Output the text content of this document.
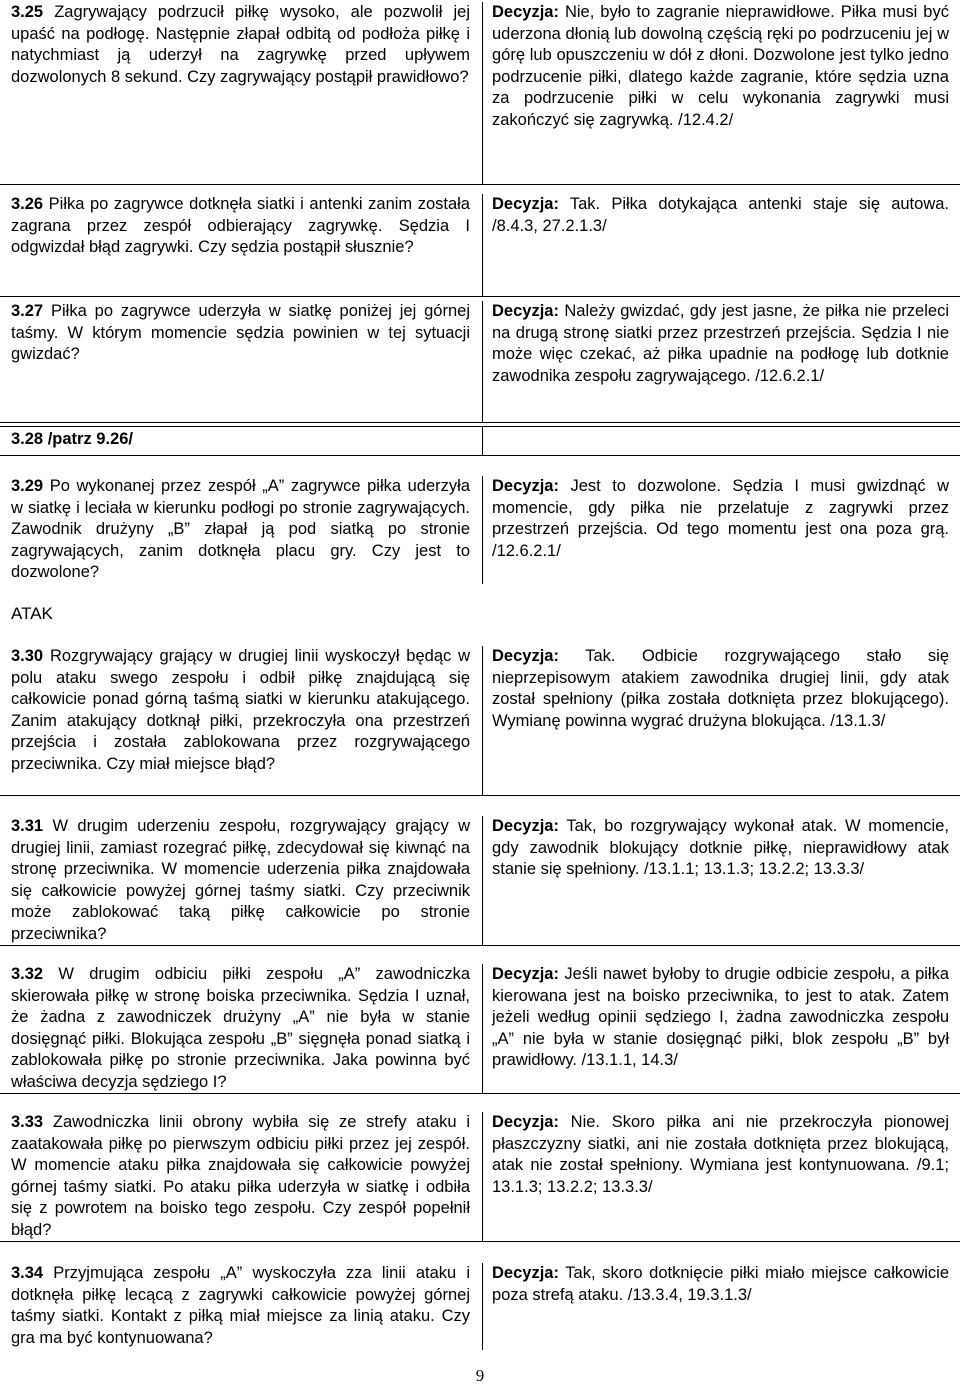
3.25 Zagrywający podrzucił piłkę wysoko, ale pozwolił jej upaść na podłogę. Następnie złapał odbitą od podłoża piłkę i natychmiast ją uderzył na zagrywkę przed upływem dozwolonych 8 sekund. Czy zagrywający postąpił prawidłowo?

Decyzja: Nie, było to zagranie nieprawidłowe. Piłka musi być uderzona dłonią lub dowolną częścią ręki po podrzuceniu jej w górę lub opuszczeniu w dół z dłoni. Dozwolone jest tylko jedno podrzucenie piłki, dlatego każde zagranie, które sędzia uzna za podrzucenie piłki w celu wykonania zagrywki musi zakończyć się zagrywką. /12.4.2/
3.26 Piłka po zagrywce dotknęła siatki i antenki zanim została zagrana przez zespół odbierający zagrywkę. Sędzia I odgwizdał błąd zagrywki. Czy sędzia postąpił słusznie?

Decyzja: Tak. Piłka dotykająca antenki staje się autowa. /8.4.3, 27.2.1.3/
3.27 Piłka po zagrywce uderzyła w siatkę poniżej jej górnej taśmy. W którym momencie sędzia powinien w tej sytuacji gwizdać?

Decyzja: Należy gwizdać, gdy jest jasne, że piłka nie przeleci na drugą stronę siatki przez przestrzeń przejścia. Sędzia I nie może więc czekać, aż piłka upadnie na podłogę lub dotknie zawodnika zespołu zagrywającego. /12.6.2.1/
3.28 /patrz 9.26/

3.29 Po wykonanej przez zespół „A” zagrywce piłka uderzyła w siatkę i leciała w kierunku podłogi po stronie zagrywających. Zawodnik drużyny „B” złapał ją pod siatką po stronie zagrywających, zanim dotknęła placu gry. Czy jest to dozwolone?

Decyzja: Jest to dozwolone. Sędzia I musi gwizdnąć w momencie, gdy piłka nie przelatuje z zagrywki przez przestrzeń przejścia. Od tego momentu jest ona poza grą. /12.6.2.1/
ATAK
3.30 Rozgrywający grający w drugiej linii wyskoczył będąc w polu ataku swego zespołu i odbił piłkę znajdującą się całkowicie ponad górną taśmą siatki w kierunku atakującego. Zanim atakujący dotknął piłki, przekroczyła ona przestrzeń przejścia i została zablokowana przez rozgrywającego przeciwnika. Czy miał miejsce błąd?

Decyzja: Tak. Odbicie rozgrywającego stało się nieprzepisowym atakiem zawodnika drugiej linii, gdy atak został spełniony (piłka została dotknięta przez blokującego). Wymianę powinna wygrać drużyna blokująca. /13.1.3/
3.31 W drugim uderzeniu zespołu, rozgrywający grający w drugiej linii, zamiast rozegrać piłkę, zdecydował się kiwnąć na stronę przeciwnika. W momencie uderzenia piłka znajdowała się całkowicie powyżej górnej taśmy siatki. Czy przeciwnik może zablokować taką piłkę całkowicie po stronie przeciwnika?

Decyzja: Tak, bo rozgrywający wykonał atak. W momencie, gdy zawodnik blokujący dotknie piłkę, nieprawidłowy atak stanie się spełniony. /13.1.1; 13.1.3; 13.2.2; 13.3.3/
3.32 W drugim odbiciu piłki zespołu „A” zawodniczka skierowała piłkę w stronę boiska przeciwnika. Sędzia I uznał, że żadna z zawodniczek drużyny „A” nie była w stanie dosięgnąć piłki. Blokująca zespołu „B” sięgnęła ponad siatką i zablokowała piłkę po stronie przeciwnika. Jaka powinna być właściwa decyzja sędziego I?

Decyzja: Jeśli nawet byłoby to drugie odbicie zespołu, a piłka kierowana jest na boisko przeciwnika, to jest to atak. Zatem jeżeli według opinii sędziego I, żadna zawodniczka zespołu „A” nie była w stanie dosięgnąć piłki, blok zespołu „B” był prawidłowy. /13.1.1, 14.3/
3.33 Zawodniczka linii obrony wybiła się ze strefy ataku i zaatakowała piłkę po pierwszym odbiciu piłki przez jej zespół. W momencie ataku piłka znajdowała się całkowicie powyżej górnej taśmy siatki. Po ataku piłka uderzyła w siatkę i odbiła się z powrotem na boisko tego zespołu. Czy zespół popełnił błąd?

Decyzja: Nie. Skoro piłka ani nie przekroczyła pionowej płaszczyzny siatki, ani nie została dotknięta przez blokującą, atak nie został spełniony. Wymiana jest kontynuowana. /9.1; 13.1.3; 13.2.2; 13.3.3/
3.34 Przyjmująca zespołu „A” wyskoczyła zza linii ataku i dotknęła piłkę lecącą z zagrywki całkowicie powyżej górnej taśmy siatki. Kontakt z piłką miał miejsce za linią ataku. Czy gra ma być kontynuowana?

Decyzja: Tak, skoro dotknięcie piłki miało miejsce całkowicie poza strefą ataku. /13.3.4, 19.3.1.3/
9
